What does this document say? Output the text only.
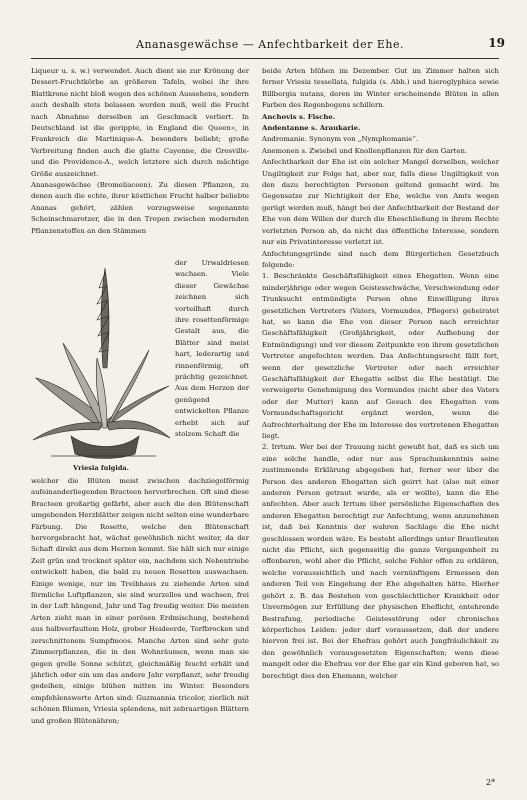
Ananasgewächse — Anfechtbarkeit der Ehe.	19

Liqueur u. s. w.) verwendet. Auch dient sie zur Krönung der Dessert-Fruchtkörbe an größeren Tafeln, wobei ihr ihre Blattkrone nicht bloß wegen des schönen Aussehens, sondern auch deshalb stets belassen werden muß, weil die Frucht nach Abnahme derselben an Geschmack verliert. In Deutschland ist die gerippte, in England die Queen», in Frankreich die Martinique-A. besonders beliebt; große Verbreitung finden auch die glatte Cayenne, die Grosville- und die Providence-A., welch letztere sich durch mächtige Größe auszeichnet.

Ananasgewächse (Bromeliaceen). Zu diesen Pflanzen, zu denen auch die echte, ihrer köstlichen Frucht halber beliebte Ananas gehört, zählen vorzugsweise sogenannte Scheinschmarotzer, die in den Tropen zwischen modernden Pflanzenstoffen an den Stämmen

Vriesia fulgida.
der Urwaldriesen wachsen. Viele dieser Gewächse zeichnen sich vorteilhaft durch ihre rosettenförmige Gestalt aus, die Blätter sind meist hart, lederartig und rinnenförmig, oft prächtig gezeichnet. Aus dem Herzen der genügend entwickelten Pflanze erhebt sich auf stolzem Schaft die

welcher die Blüten meist zwischen dachziegelförmig aufeinanderliegenden Bracteen hervorbrechen. Oft sind diese Bracteen großartig gefärbt, aber auch die den Blütenschaft umgebenden Herzblätter zeigen nicht selten eine wunderbare Färbung. Die Rosette, welche den Blütenschaft hervorgebracht hat, wächst gewöhnlich nicht weiter, da der Schaft direkt aus dem Herzen kommt. Sie hält sich nur einige Zeit grün und trocknet später ein, nachdem sich Nebentriebe entwickelt haben, die bald zu neuen Rosetten auswachsen. Einige wenige, nur im Treibhaus zu ziehende Arten sind förmliche Luftpflanzen, sie sind wurzellos und wachsen, frei in der Luft hängend, Jahr und Tag freudig weiter. Die meisten Arten zieht man in einer porösen Erdmischung, bestehend aus halbverfaultem Holz, grober Heideerde, Torfbrocken und zerschnittenem Sumpfmoos. Manche Arten sind sehr gute Zimmerpflanzen, die in den Wohnräumen, wenn man sie gegen grelle Sonne schützt, gleichmäßig feucht erhält und jährlich oder ein um das andere Jahr verpflanzt, sehr freudig gedeihen, einige blühen mitten im Winter. Besonders empfehlenswerte Arten sind: Guzmannia tricolor, zierlich mit schönen Blumen, Vriesia splendens, mit zebraartigen Blättern und großen Blütenähren;

beide Arten blühen im Dezember. Gut im Zimmer halten sich ferner Vriesia tessellata, fulgida (s. Abb.) und hieroglyphica sowie Billbergia nutans, deren im Winter erscheinende Blüten in allen Farben des Regenbogens schillern.

Anchovis s. Fische.

Andentanne s. Araukarie.

Andromanie. Synonym von „Nymphomanie“.

Anemonen s. Zwiebel und Knollenpflanzen für den Garten.

Anfechtbarkeit der Ehe ist ein solcher Mangel derselben, welcher Ungiltigkeit zur Folge hat, aber nur, falls diese Ungiltigkeit von den dazu berechtigten Personen geltend gemacht wird. Im Gegensatze zur Nichtigkeit der Ehe, welche von Amts wegen gerügt werden muß, hängt bei der Anfechtbarkeit der Bestand der Ehe von dem Willen der durch die Eheschließung in ihrem Rechte verletzten Person ab, da nicht das öffentliche Interesse, sondern nur ein Privatinteresse verletzt ist.

Anfechtungsgründe sind nach dem Bürgerlichen Gesetzbuch folgende:

1. Beschränkte Geschäftsfähigkeit eines Ehegatten. Wenn eine minderjährige oder wegen Geistesschwäche, Verschwendung oder Trunksucht entmündigte Person ohne Einwilligung ihres gesetzlichen Vertreters (Vaters, Vormundes, Pflegers) geheiratet hat, so kann die Ehe von dieser Person nach erreichter Geschäftsfähigkeit (Großjährigkeit, oder Aufhebung der Entmündigung) und vor diesem Zeitpunkte von ihrem gesetzlichen Vertreter angefochten werden. Das Anfechtungsrecht fällt fort, wenn der gesetzliche Vertreter oder nach erreichter Geschäftsfähigkeit der Ehegatte selbst die Ehe bestätigt. Die verweigerte Genehmigung des Vormundes (nicht aber des Vaters oder der Mutter) kann auf Gesuch des Ehegatten vom Vormundschaftsgericht ergänzt werden, wenn die Aufrechterhaltung der Ehe im Interesse des vertretenen Ehegatten liegt.

2. Irrtum. Wer bei der Trauung nicht gewußt hat, daß es sich um eine solche handle, oder nur aus Sprachunkenntnis seine zustimmende Erklärung abgegeben hat, ferner wer über die Person des anderen Ehegatten sich geirrt hat (also mit einer anderen Person getraut wurde, als er wollte), kann die Ehe anfechten. Aber auch Irrtum über persönliche Eigenschaften des anderen Ehegatten berechtigt zur Anfechtung, wenn anzunehmen ist, daß bei Kenntnis der wahren Sachlage die Ehe nicht geschlossen worden wäre. Es besteht allerdings unter Brautleuten nicht die Pflicht, sich gegenseitig die ganze Vergangenheit zu offenbaren, wohl aber die Pflicht, solche Fehler offen zu erklären, welche voraussichtlich und nach vernünftigem Ermessen den anderen Teil von Eingehung der Ehe abgehalten hätte. Hierher gehört z. B. das Bestehen von geschlechtlicher Krankheit oder Unvermögen zur Erfüllung der physischen Eheflicht, entehrende Bestrafung, periodische Geistesstörung oder chronisches körperliches Leiden: jeder darf voraussetzen, daß der andere hiervon frei ist. Bei der Ehefrau gehört auch Jungfräulichkeit zu den gewöhnlich vorausgesetzten Eigenschaften; wenn diese mangelt oder die Ehefrau vor der Ehe gar ein Kind geboren hat, so berechtigt dies den Ehemann, welcher

2*
